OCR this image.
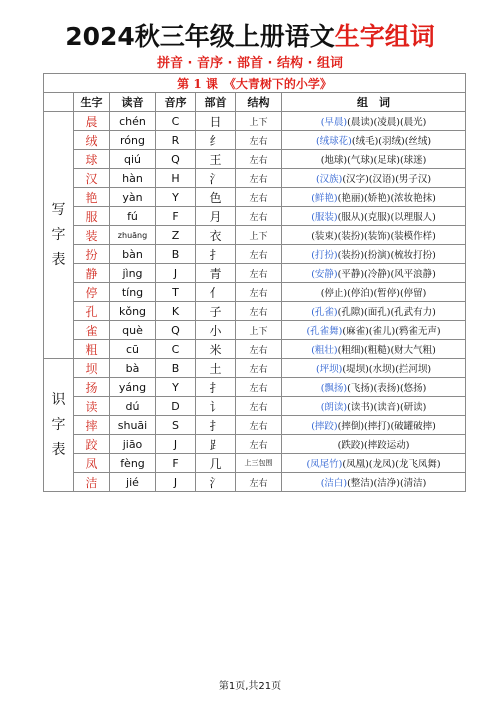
2024秋三年级上册语文生字组词
拼音 · 音序 · 部首 · 结构 · 组词
第 1 课　《大青树下的小学》						
	生字	读音	音序	部首	结构	组　词

写
字
表	晨	chén	C	日	上下	(早晨)(晨读)(凌晨)(晨光)
	绒	róng	R	纟	左右	(绒球花)(绒毛)(羽绒)(丝绒)
	球	qiú	Q	王	左右	(地球)(气球)(足球)(球迷)
	汉	hàn	H	氵	左右	(汉族)(汉字)(汉语)(男子汉)
	艳	yàn	Y	色	左右	(鲜艳)(艳丽)(娇艳)(浓妆艳抹)
	服	fú	F	月	左右	(服装)(服从)(克服)(以理服人)
	装	zhuāng	Z	衣	上下	(装束)(装扮)(装饰)(装模作样)
	扮	bàn	B	扌	左右	(打扮)(装扮)(扮演)(梳妆打扮)
	静	jìng	J	青	左右	(安静)(平静)(冷静)(风平浪静)
	停	tíng	T	亻	左右	(停止)(停泊)(暂停)(停留)
	孔	kǒng	K	子	左右	(孔雀)(孔隙)(面孔)(孔武有力)
	雀	què	Q	小	上下	(孔雀舞)(麻雀)(雀儿)(鸦雀无声)
	粗	cū	C	米	左右	(粗壮)(粗细)(粗糙)(财大气粗)

识
字
表	坝	bà	B	土	左右	(坪坝)(堤坝)(水坝)(拦河坝)
	扬	yáng	Y	扌	左右	(飘扬)(飞扬)(表扬)(悠扬)
	读	dú	D	讠	左右	(朗读)(读书)(读音)(研读)
	摔	shuāi	S	扌	左右	(摔跤)(摔倒)(摔打)(破罐破摔)
	跤	jiāo	J	⻊	左右	(跌跤)(摔跤运动)
	凤	fèng	F	几	上三包围	(凤尾竹)(凤凰)(龙凤)(龙飞凤舞)
	洁	jié	J	氵	左右	(洁白)(整洁)(洁净)(清洁)
第1页,共21页
